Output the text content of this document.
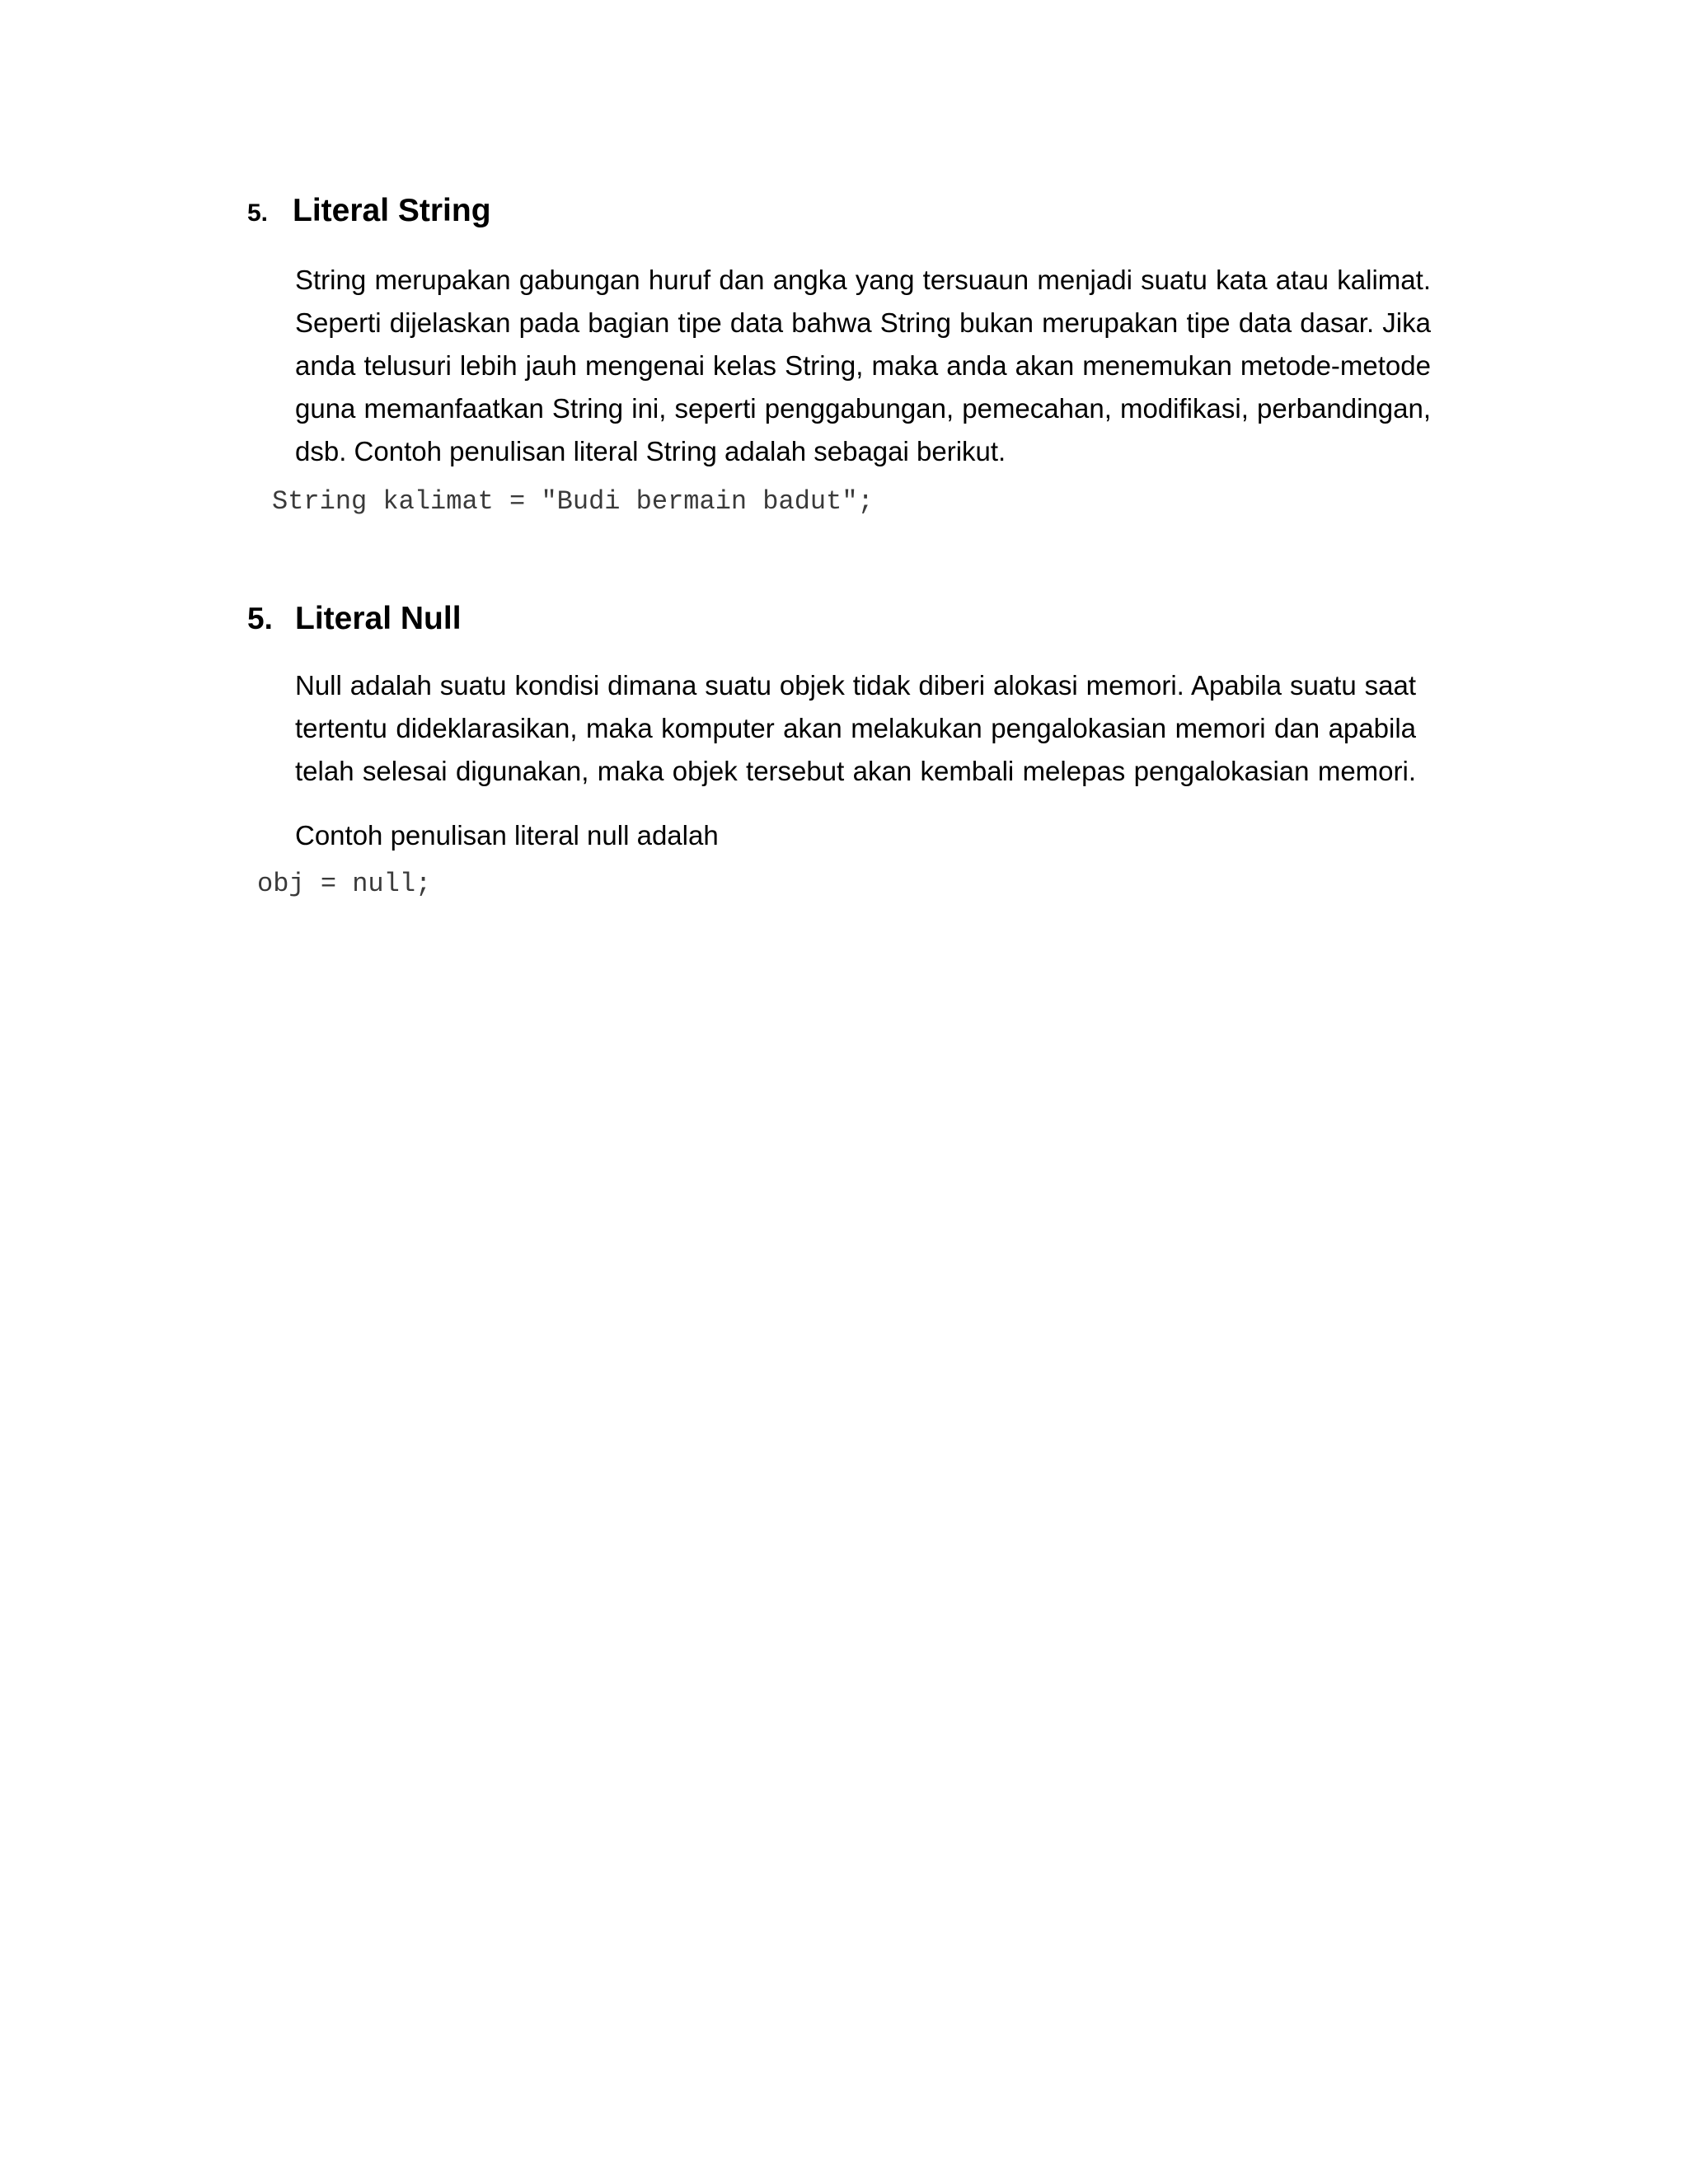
5. Literal String
String merupakan gabungan huruf dan angka yang tersuaun menjadi suatu kata atau kalimat.
Seperti dijelaskan pada bagian tipe data bahwa String bukan merupakan tipe data dasar. Jika
anda telusuri lebih jauh mengenai kelas String, maka anda akan menemukan metode-metode
guna memanfaatkan String ini, seperti penggabungan, pemecahan, modifikasi, perbandingan,
dsb. Contoh penulisan literal String adalah sebagai berikut.
String kalimat = "Budi bermain badut";
5. Literal Null
Null adalah suatu kondisi dimana suatu objek tidak diberi alokasi memori. Apabila suatu saat
tertentu dideklarasikan, maka komputer akan melakukan pengalokasian memori dan apabila
telah selesai digunakan, maka objek tersebut akan kembali melepas pengalokasian memori.

Contoh penulisan literal null adalah

obj = null;
